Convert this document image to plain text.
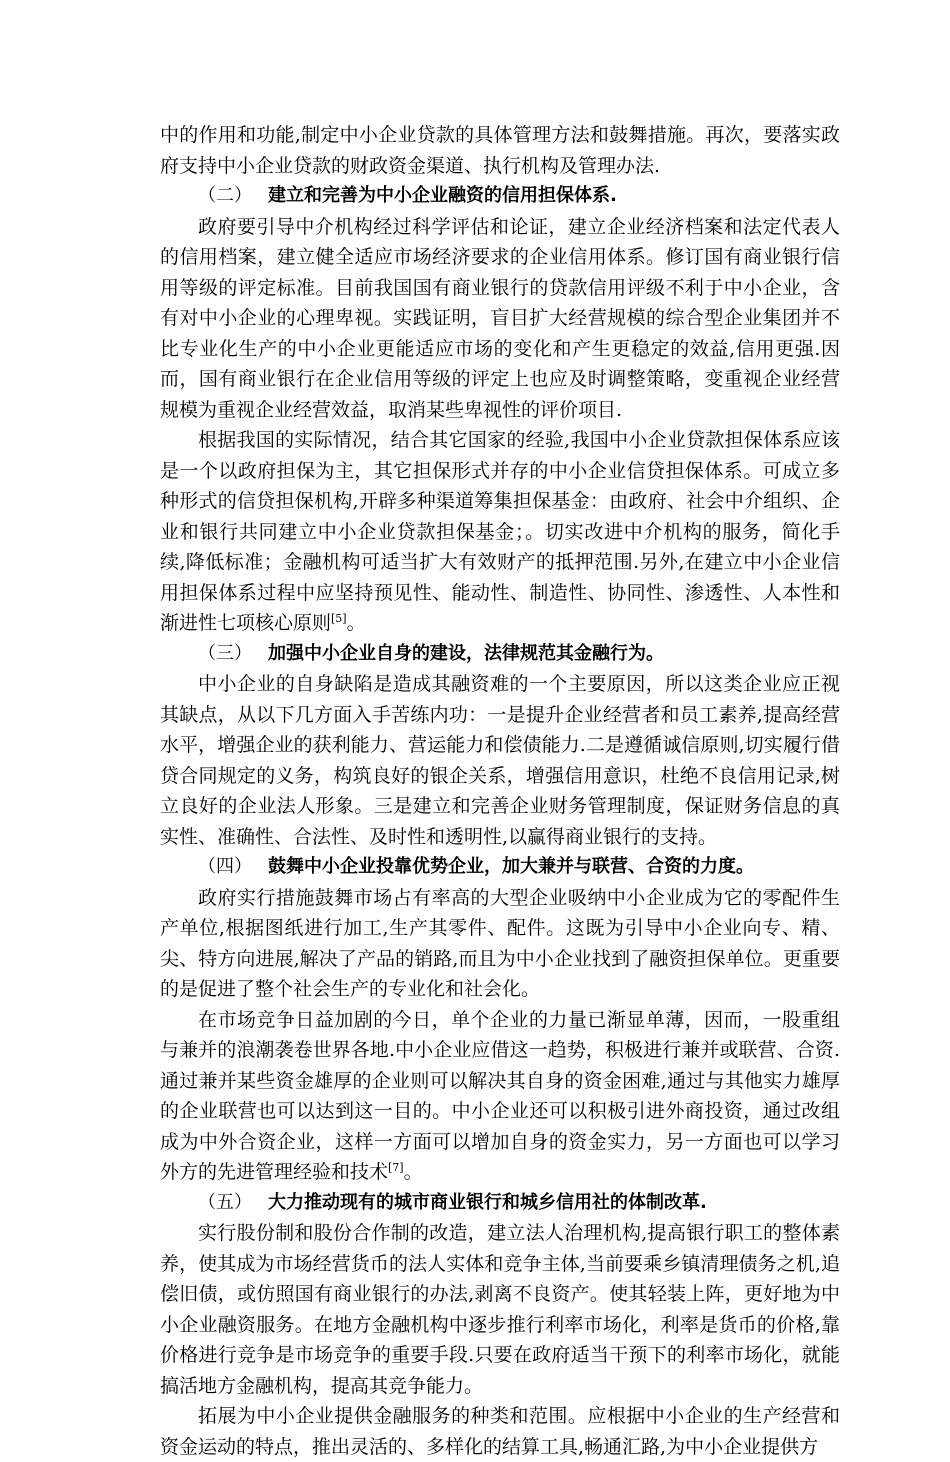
中的作用和功能,制定中小企业贷款的具体管理方法和鼓舞措施。再次，要落实政府支持中小企业贷款的财政资金渠道、执行机构及管理办法.

（二） 建立和完善为中小企业融资的信用担保体系.

政府要引导中介机构经过科学评估和论证，建立企业经济档案和法定代表人的信用档案，建立健全适应市场经济要求的企业信用体系。修订国有商业银行信用等级的评定标准。目前我国国有商业银行的贷款信用评级不利于中小企业，含有对中小企业的心理卑视。实践证明，盲目扩大经营规模的综合型企业集团并不比专业化生产的中小企业更能适应市场的变化和产生更稳定的效益,信用更强.因而，国有商业银行在企业信用等级的评定上也应及时调整策略，变重视企业经营规模为重视企业经营效益，取消某些卑视性的评价项目.

根据我国的实际情况，结合其它国家的经验,我国中小企业贷款担保体系应该是一个以政府担保为主，其它担保形式并存的中小企业信贷担保体系。可成立多种形式的信贷担保机构,开辟多种渠道筹集担保基金：由政府、社会中介组织、企业和银行共同建立中小企业贷款担保基金；。切实改进中介机构的服务，简化手续,降低标准；金融机构可适当扩大有效财产的抵押范围.另外,在建立中小企业信用担保体系过程中应坚持预见性、能动性、制造性、协同性、渗透性、人本性和渐进性七项核心原则[5]。

（三） 加强中小企业自身的建设，法律规范其金融行为。

中小企业的自身缺陷是造成其融资难的一个主要原因，所以这类企业应正视其缺点，从以下几方面入手苦练内功：一是提升企业经营者和员工素养,提高经营水平，增强企业的获利能力、营运能力和偿债能力.二是遵循诚信原则,切实履行借贷合同规定的义务，构筑良好的银企关系，增强信用意识，杜绝不良信用记录,树立良好的企业法人形象。三是建立和完善企业财务管理制度，保证财务信息的真实性、准确性、合法性、及时性和透明性,以赢得商业银行的支持。

（四） 鼓舞中小企业投靠优势企业，加大兼并与联营、合资的力度。

政府实行措施鼓舞市场占有率高的大型企业吸纳中小企业成为它的零配件生产单位,根据图纸进行加工,生产其零件、配件。这既为引导中小企业向专、精、尖、特方向进展,解决了产品的销路,而且为中小企业找到了融资担保单位。更重要的是促进了整个社会生产的专业化和社会化。

在市场竞争日益加剧的今日，单个企业的力量已渐显单薄，因而，一股重组与兼并的浪潮袭卷世界各地.中小企业应借这一趋势，积极进行兼并或联营、合资.通过兼并某些资金雄厚的企业则可以解决其自身的资金困难,通过与其他实力雄厚的企业联营也可以达到这一目的。中小企业还可以积极引进外商投资，通过改组成为中外合资企业，这样一方面可以增加自身的资金实力，另一方面也可以学习外方的先进管理经验和技术[7]。

（五） 大力推动现有的城市商业银行和城乡信用社的体制改革.

实行股份制和股份合作制的改造，建立法人治理机构,提高银行职工的整体素养，使其成为市场经营货币的法人实体和竞争主体,当前要乘乡镇清理债务之机,追偿旧债，或仿照国有商业银行的办法,剥离不良资产。使其轻装上阵，更好地为中小企业融资服务。在地方金融机构中逐步推行利率市场化，利率是货币的价格,靠价格进行竞争是市场竞争的重要手段.只要在政府适当干预下的利率市场化，就能搞活地方金融机构，提高其竞争能力。

拓展为中小企业提供金融服务的种类和范围。应根据中小企业的生产经营和资金运动的特点，推出灵活的、多样化的结算工具,畅通汇路,为中小企业提供方
